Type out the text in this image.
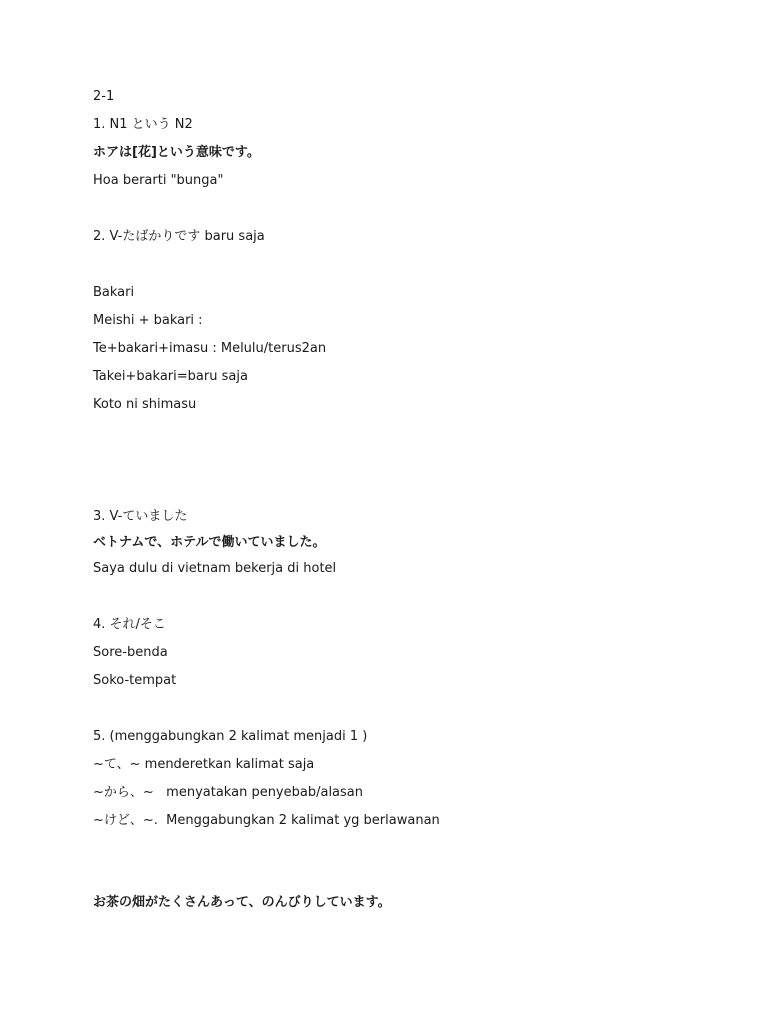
2-1
1. N1 という N2
ホアは[花]という意味です。
Hoa berarti "bunga"
2. V-たばかりです baru saja
Bakari
Meishi + bakari :
Te+bakari+imasu : Melulu/terus2an
Takei+bakari=baru saja
Koto ni shimasu
3. V-ていました
ベトナムで、ホテルで働いていました。
Saya dulu di vietnam bekerja di hotel
4. それ/そこ
Sore-benda
Soko-tempat
5. (menggabungkan 2 kalimat menjadi 1 )
~て、~ menderetkan kalimat saja
~から、~   menyatakan penyebab/alasan
~けど、~.  Menggabungkan 2 kalimat yg berlawanan
お茶の畑がたくさんあって、のんびりしています。
